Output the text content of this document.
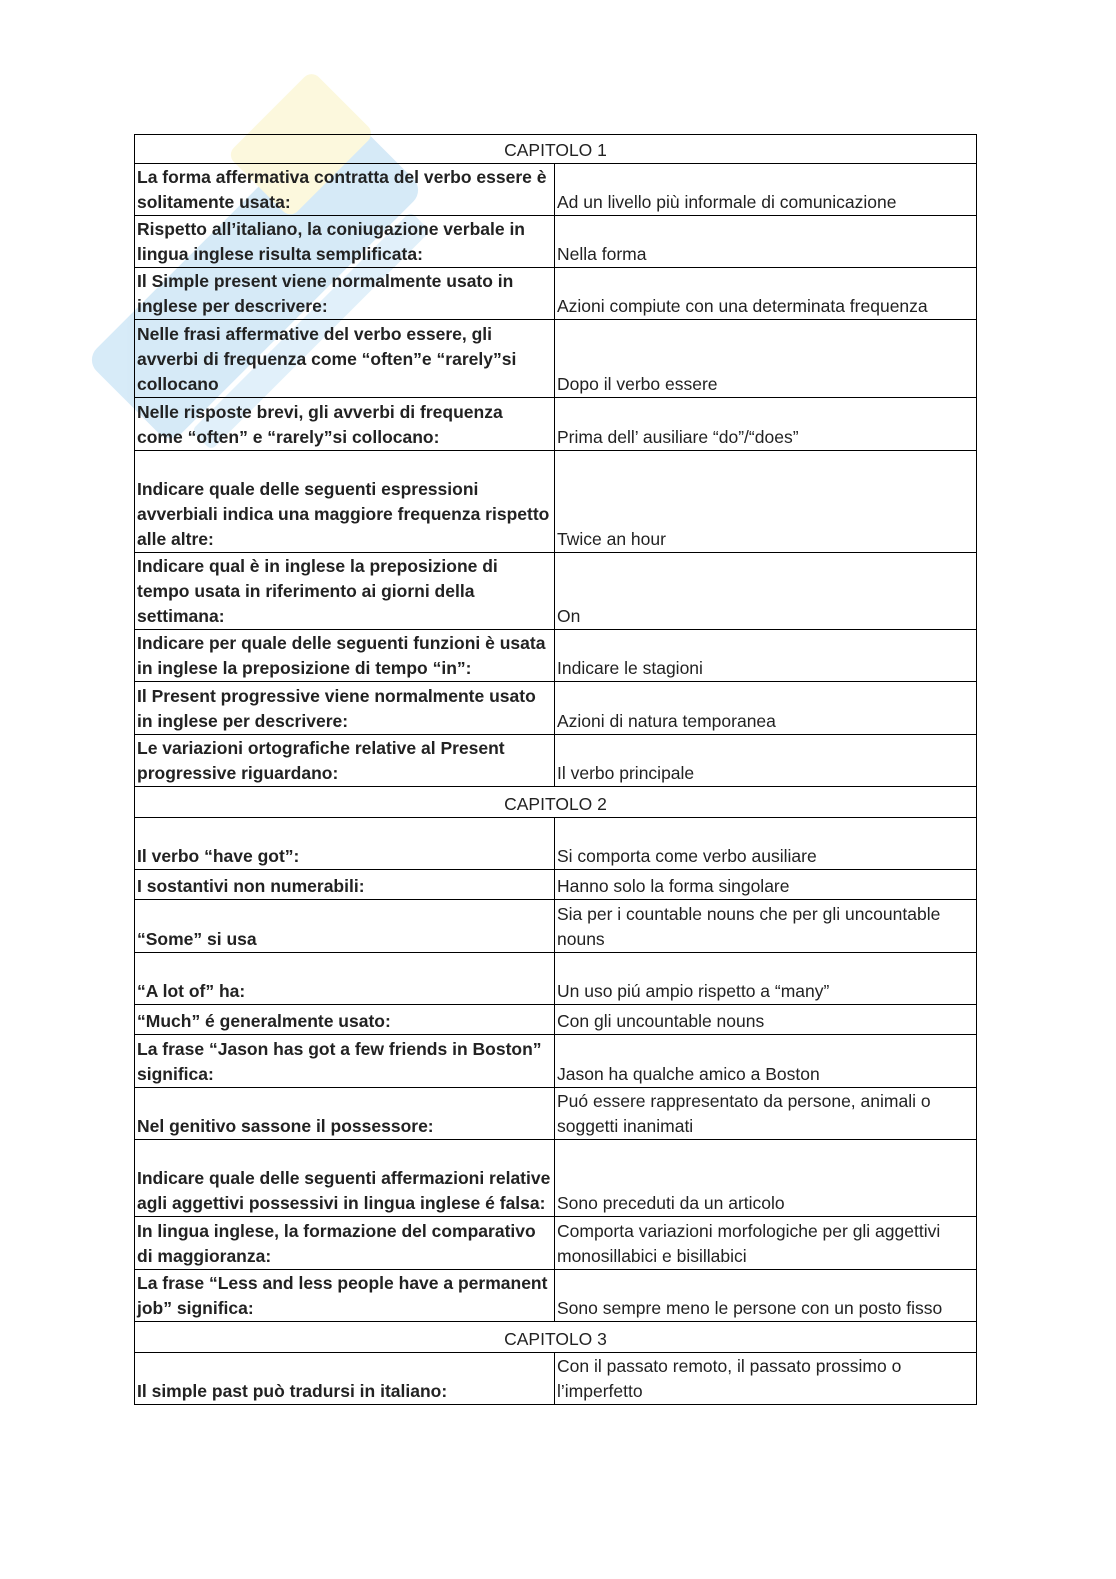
CAPITOLO 1	
La forma affermativa contratta del verbo essere è solitamente usata:	Ad un livello più informale di comunicazione
Rispetto all’italiano, la coniugazione verbale in lingua inglese risulta semplificata:	Nella forma
Il Simple present viene normalmente usato in inglese per descrivere:	Azioni compiute con una determinata frequenza
Nelle frasi affermative del verbo essere, gli avverbi di frequenza come “often”e “rarely”si collocano	Dopo il verbo essere
Nelle risposte brevi, gli avverbi di frequenza come “often” e “rarely”si collocano:	Prima dell’ ausiliare “do”/“does”
Indicare quale delle seguenti espressioni avverbiali indica una maggiore frequenza rispetto alle altre:	Twice an hour
Indicare qual è in inglese la preposizione di tempo usata in riferimento ai giorni della settimana:	On
Indicare per quale delle seguenti funzioni è usata in inglese la preposizione di tempo “in”:	Indicare le stagioni
Il Present progressive viene normalmente usato in inglese per descrivere:	Azioni di natura temporanea
Le variazioni ortografiche relative al Present progressive riguardano:	Il verbo principale
CAPITOLO 2	
Il verbo “have got”:	Si comporta come verbo ausiliare
I sostantivi non numerabili:	Hanno solo la forma singolare
“Some” si usa	Sia per i countable nouns che per gli uncountable nouns
“A lot of” ha:	Un uso piú ampio rispetto a “many”
“Much” é generalmente usato:	Con gli uncountable nouns
La frase “Jason has got a few friends in Boston” significa:	Jason ha qualche amico a Boston
Nel genitivo sassone il possessore:	Puó essere rappresentato da persone, animali o soggetti inanimati
Indicare quale delle seguenti affermazioni relative agli aggettivi possessivi in lingua inglese é falsa:	Sono preceduti da un articolo
In lingua inglese, la formazione del comparativo di maggioranza:	Comporta variazioni morfologiche per gli aggettivi monosillabici e bisillabici
La frase “Less and less people have a permanent job” significa:	Sono sempre meno le persone con un posto fisso
CAPITOLO 3	
Il simple past può tradursi in italiano:	Con il passato remoto, il passato prossimo o l’imperfetto
